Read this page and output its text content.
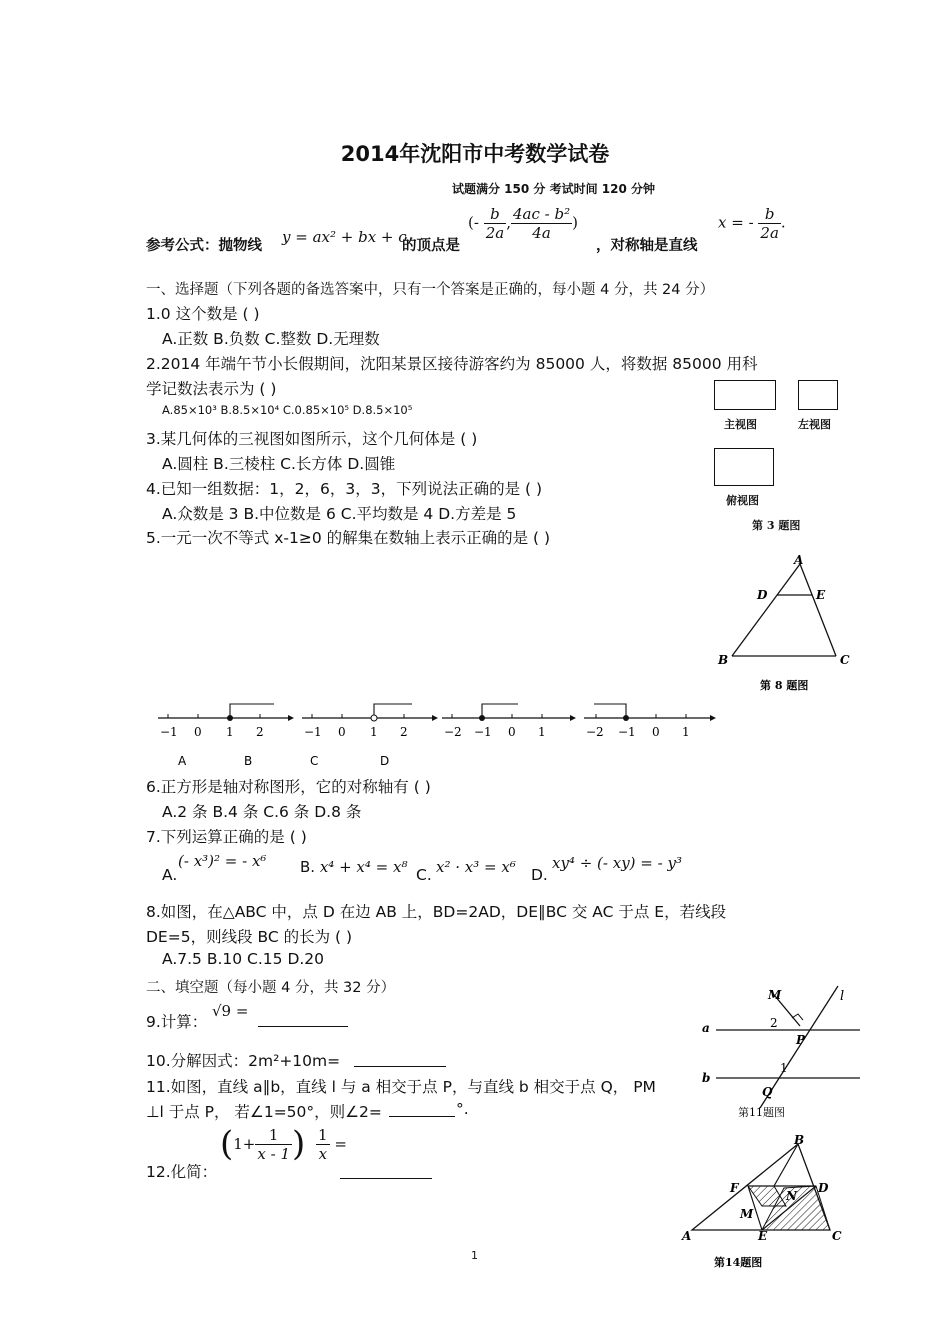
2014年沈阳市中考数学试卷
试题满分 150 分 考试时间 120 分钟
参考公式：抛物线 y = ax² + bx + c
的顶点是
(- $\frac{b}{2a}$ , $\frac{\text{4ac - b²}}{4a}$ )
，对称轴是直线
x = - $\frac{b}{2a}$ .
一、选择题（下列各题的备选答案中，只有一个答案是正确的，每小题 4 分，共 24 分）
1.0 这个数是 ( )
A.正数 B.负数 C.整数 D.无理数
2.2014 年端午节小长假期间，沈阳某景区接待游客约为 85000 人，将数据 85000 用科
学记数法表示为 ( )
A.85×10³ B.8.5×10⁴ C.0.85×10⁵ D.8.5×10⁵
3.某几何体的三视图如图所示，这个几何体是 ( )
A.圆柱 B.三棱柱 C.长方体 D.圆锥
4.已知一组数据：1，2，6，3，3，下列说法正确的是 ( )
A.众数是 3 B.中位数是 6 C.平均数是 4 D.方差是 5
5.一元一次不等式 x-1≥0 的解集在数轴上表示正确的是 ( )
主视图	左视图
俯视图
第 3 题图
A
D	E
B	C
第 8 题图
−1 0 1 2
A
−1 0 1 2
B
−2 −1 0 1
C
−2 −1 0 1
D
6.正方形是轴对称图形，它的对称轴有 ( )
A.2 条 B.4 条 C.6 条 D.8 条
7.下列运算正确的是 ( )
A.
(- x³)² = - x⁶ B. x⁴ + x⁴ = x⁸ C. x² · x³ = x⁶ D.
xy⁴ ÷ (- xy) = - y³
8.如图，在△ABC 中，点 D 在边 AB 上，BD=2AD，DE∥BC 交 AC 于点 E，若线段
DE=5，则线段 BC 的长为 ( )
A.7.5 B.10 C.15 D.20
二、填空题（每小题 4 分，共 32 分）
9.计算：
√9 =
10.分解因式：2m²+10m=
11.如图，直线 a∥b，直线 l 与 a 相交于点 P，与直线 b 相交于点 Q， PM
⊥l 于点 P， 若∠1=50°，则∠2=	°.
12.化简：
($1+ \frac{1}{x - 1}$ ) $\frac{1}{x}$ =
M	l
a
b
2
1
P
Q
第11题图
B
F	D
N
M
A	E	C
第14题图
1
